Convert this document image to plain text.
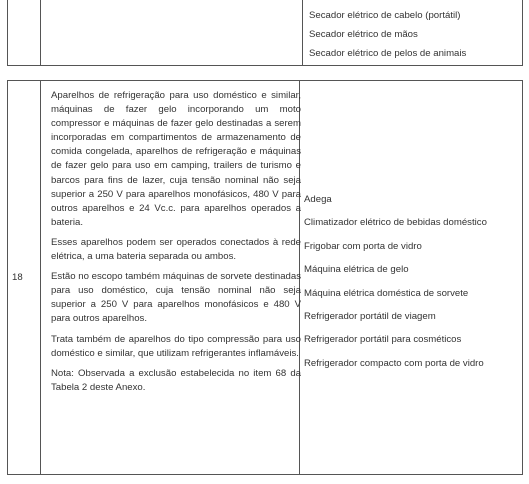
Secador elétrico de cabelo (portátil)

Secador elétrico de mãos

Secador elétrico de pelos de animais

18

Aparelhos de refrigeração para uso doméstico e similar, máquinas de fazer gelo incorporando um moto compressor e máquinas de fazer gelo destinadas a serem incorporadas em compartimentos de armazenamento de comida congelada, aparelhos de refrigeração e máquinas de fazer gelo para uso em camping, trailers de turismo e barcos para fins de lazer, cuja tensão nominal não seja superior a 250 V para aparelhos monofásicos, 480 V para outros aparelhos e 24 Vc.c. para aparelhos operados a bateria.

Esses aparelhos podem ser operados conectados à rede elétrica, a uma bateria separada ou ambos.

Estão no escopo também máquinas de sorvete destinadas para uso doméstico, cuja tensão nominal não seja superior a 250 V para aparelhos monofásicos e 480 V para outros aparelhos.

Trata também de aparelhos do tipo compressão para uso doméstico e similar, que utilizam refrigerantes inflamáveis.

Nota: Observada a exclusão estabelecida no item 68 da Tabela 2 deste Anexo.

Adega

Climatizador elétrico de bebidas doméstico

Frigobar com porta de vidro

Máquina elétrica de gelo

Máquina elétrica doméstica de sorvete

Refrigerador portátil de viagem

Refrigerador portátil para cosméticos

Refrigerador compacto com porta de vidro
